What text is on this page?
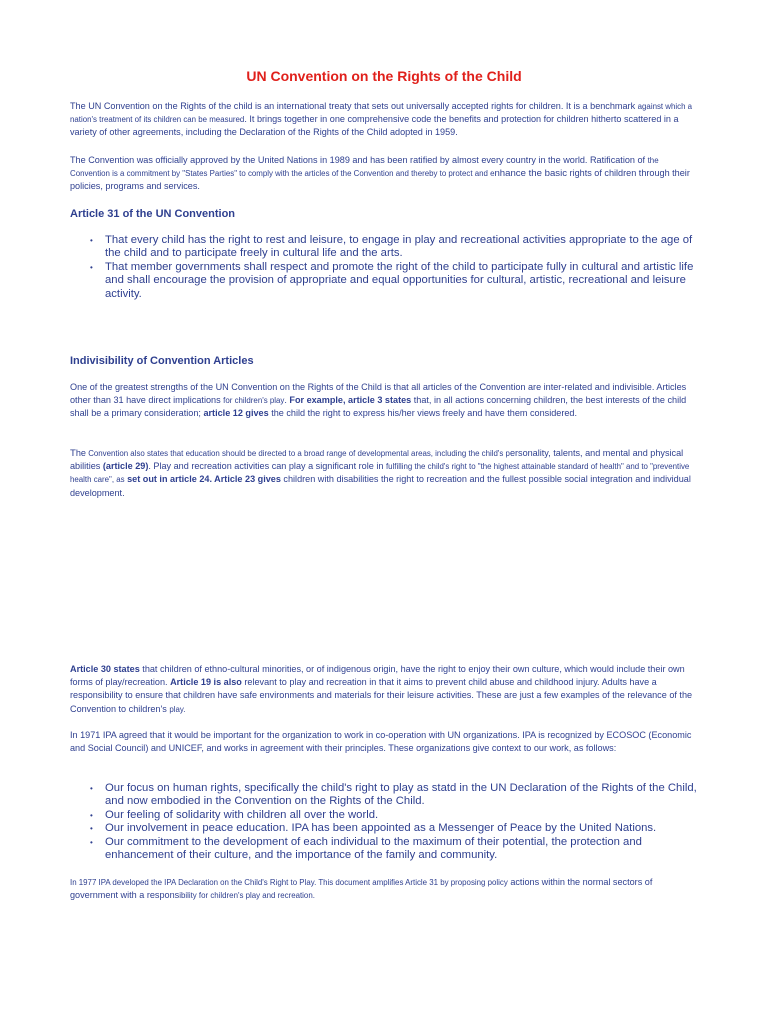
UN Convention on the Rights of the Child

The UN Convention on the Rights of the child is an international treaty that sets out universally accepted rights for children. It is a benchmark against which a nation's treatment of its children can be measured. It brings together in one comprehensive code the benefits and protection for children hitherto scattered in a variety of other agreements, including the Declaration of the Rights of the Child adopted in 1959.

The Convention was officially approved by the United Nations in 1989 and has been ratified by almost every country in the world. Ratification of the Convention is a commitment by "States Parties" to comply with the articles of the Convention and thereby to protect and enhance the basic rights of children through their policies, programs and services.

Article 31 of the UN Convention
• That every child has the right to rest and leisure, to engage in play and recreational activities appropriate to the age of the child and to participate freely in cultural life and the arts.
• That member governments shall respect and promote the right of the child to participate fully in cultural and artistic life and shall encourage the provision of appropriate and equal opportunities for cultural, artistic, recreational and leisure activity.
Indivisibility of Convention Articles

One of the greatest strengths of the UN Convention on the Rights of the Child is that all articles of the Convention are inter-related and indivisible. Articles other than 31 have direct implications for children's play. For example, article 3 states that, in all actions concerning children, the best interests of the child shall be a primary consideration; article 12 gives the child the right to express his/her views freely and have them considered.

The Convention also states that education should be directed to a broad range of developmental areas, including the child's personality, talents, and mental and physical abilities (article 29). Play and recreation activities can play a significant role in fulfilling the child's right to "the highest attainable standard of health" and to "preventive health care", as set out in article 24. Article 23 gives children with disabilities the right to recreation and the fullest possible social integration and individual development.

Article 30 states that children of ethno-cultural minorities, or of indigenous origin, have the right to enjoy their own culture, which would include their own forms of play/recreation. Article 19 is also relevant to play and recreation in that it aims to prevent child abuse and childhood injury. Adults have a responsibility to ensure that children have safe environments and materials for their leisure activities. These are just a few examples of the relevance of the Convention to children's play.

In 1971 IPA agreed that it would be important for the organization to work in co-operation with UN organizations. IPA is recognized by ECOSOC (Economic and Social Council) and UNICEF, and works in agreement with their principles. These organizations give context to our work, as follows:

• Our focus on human rights, specifically the child's right to play as statd in the UN Declaration of the Rights of the Child, and now embodied in the Convention on the Rights of the Child.
• Our feeling of solidarity with children all over the world.
• Our involvement in peace education. IPA has been appointed as a Messenger of Peace by the United Nations.
• Our commitment to the development of each individual to the maximum of their potential, the protection and enhancement of their culture, and the importance of the family and community.

In 1977 IPA developed the IPA Declaration on the Child's Right to Play. This document amplifies Article 31 by proposing policy actions within the normal sectors of government with a responsibility for children's play and recreation.
